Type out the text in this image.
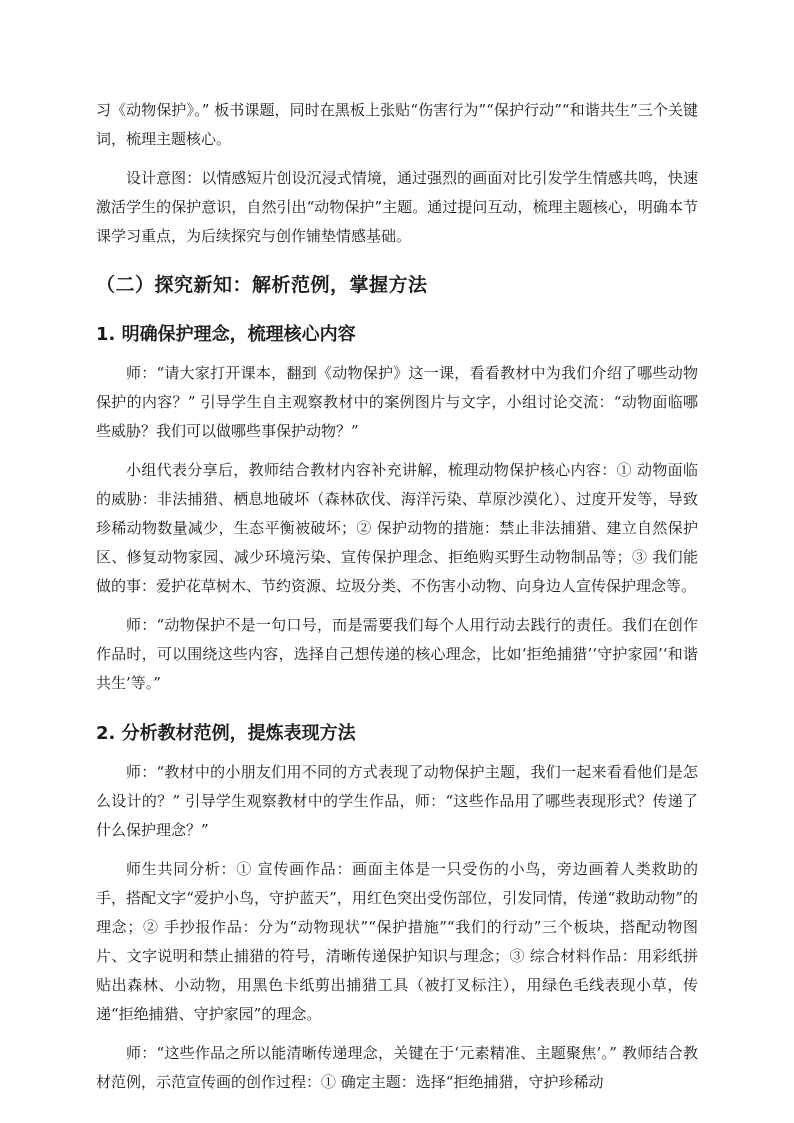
习《动物保护》。” 板书课题，同时在黑板上张贴“伤害行为”“保护行动”“和谐共生”三个关键词，梳理主题核心。

设计意图：以情感短片创设沉浸式情境，通过强烈的画面对比引发学生情感共鸣，快速激活学生的保护意识，自然引出“动物保护”主题。通过提问互动，梳理主题核心，明确本节课学习重点，为后续探究与创作铺垫情感基础。

（二）探究新知：解析范例，掌握方法
1. 明确保护理念，梳理核心内容

师：“请大家打开课本，翻到《动物保护》这一课，看看教材中为我们介绍了哪些动物保护的内容？” 引导学生自主观察教材中的案例图片与文字，小组讨论交流：“动物面临哪些威胁？我们可以做哪些事保护动物？”

小组代表分享后，教师结合教材内容补充讲解，梳理动物保护核心内容：① 动物面临的威胁：非法捕猎、栖息地破坏（森林砍伐、海洋污染、草原沙漠化）、过度开发等，导致珍稀动物数量减少，生态平衡被破坏；② 保护动物的措施：禁止非法捕猎、建立自然保护区、修复动物家园、减少环境污染、宣传保护理念、拒绝购买野生动物制品等；③ 我们能做的事：爱护花草树木、节约资源、垃圾分类、不伤害小动物、向身边人宣传保护理念等。

师：“动物保护不是一句口号，而是需要我们每个人用行动去践行的责任。我们在创作作品时，可以围绕这些内容，选择自己想传递的核心理念，比如‘拒绝捕猎’‘守护家园’‘和谐共生’等。”

2. 分析教材范例，提炼表现方法

师：“教材中的小朋友们用不同的方式表现了动物保护主题，我们一起来看看他们是怎么设计的？” 引导学生观察教材中的学生作品，师：“这些作品用了哪些表现形式？传递了什么保护理念？”

师生共同分析：① 宣传画作品：画面主体是一只受伤的小鸟，旁边画着人类救助的手，搭配文字“爱护小鸟，守护蓝天”，用红色突出受伤部位，引发同情，传递“救助动物”的理念；② 手抄报作品：分为“动物现状”“保护措施”“我们的行动”三个板块，搭配动物图片、文字说明和禁止捕猎的符号，清晰传递保护知识与理念；③ 综合材料作品：用彩纸拼贴出森林、小动物，用黑色卡纸剪出捕猎工具（被打叉标注），用绿色毛线表现小草，传递“拒绝捕猎、守护家园”的理念。

师：“这些作品之所以能清晰传递理念，关键在于‘元素精准、主题聚焦’。” 教师结合教材范例，示范宣传画的创作过程：① 确定主题：选择“拒绝捕猎，守护珍稀动
